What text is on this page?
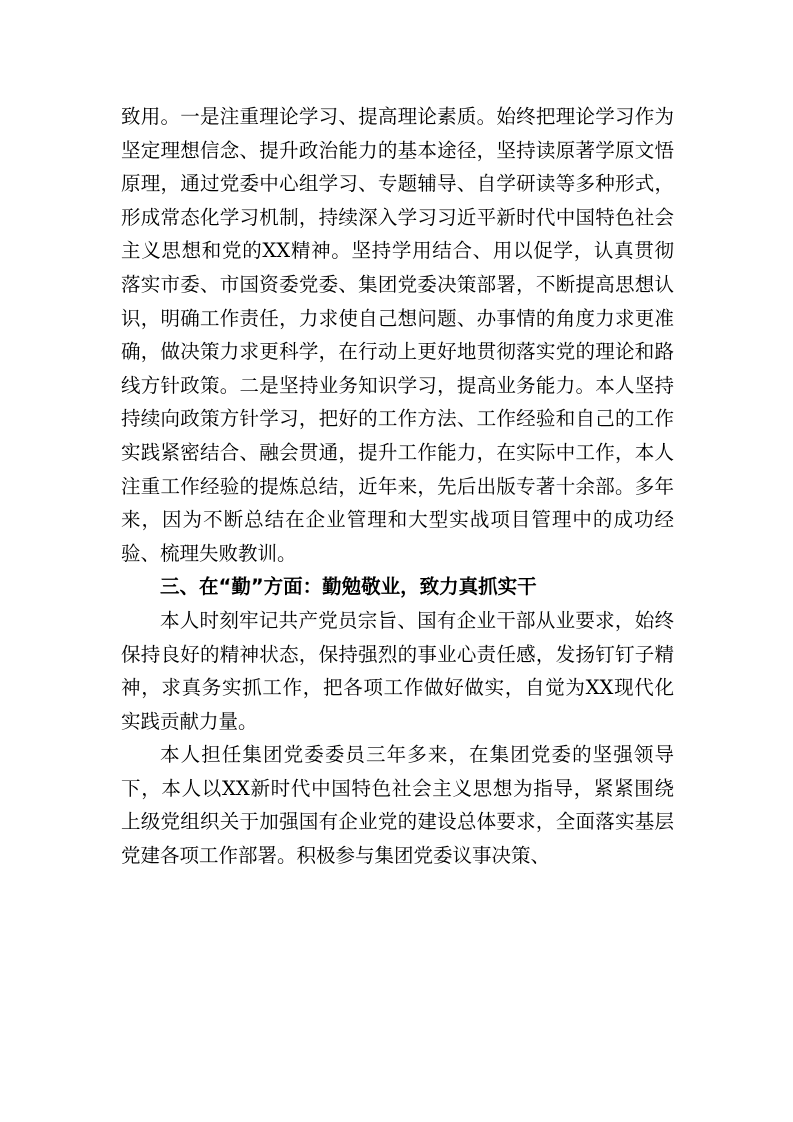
致用。一是注重理论学习、提高理论素质。始终把理论学习作为坚定理想信念、提升政治能力的基本途径，坚持读原著学原文悟原理，通过党委中心组学习、专题辅导、自学研读等多种形式，形成常态化学习机制，持续深入学习习近平新时代中国特色社会主义思想和党的XX精神。坚持学用结合、用以促学，认真贯彻落实市委、市国资委党委、集团党委决策部署，不断提高思想认识，明确工作责任，力求使自己想问题、办事情的角度力求更准确，做决策力求更科学，在行动上更好地贯彻落实党的理论和路线方针政策。二是坚持业务知识学习，提高业务能力。本人坚持持续向政策方针学习，把好的工作方法、工作经验和自己的工作实践紧密结合、融会贯通，提升工作能力，在实际中工作，本人注重工作经验的提炼总结，近年来，先后出版专著十余部。多年来，因为不断总结在企业管理和大型实战项目管理中的成功经验、梳理失败教训。

三、在“勤”方面：勤勉敬业，致力真抓实干

本人时刻牢记共产党员宗旨、国有企业干部从业要求，始终保持良好的精神状态，保持强烈的事业心责任感，发扬钉钉子精神，求真务实抓工作，把各项工作做好做实，自觉为XX现代化实践贡献力量。

本人担任集团党委委员三年多来，在集团党委的坚强领导下，本人以XX新时代中国特色社会主义思想为指导，紧紧围绕上级党组织关于加强国有企业党的建设总体要求，全面落实基层党建各项工作部署。积极参与集团党委议事决策、
